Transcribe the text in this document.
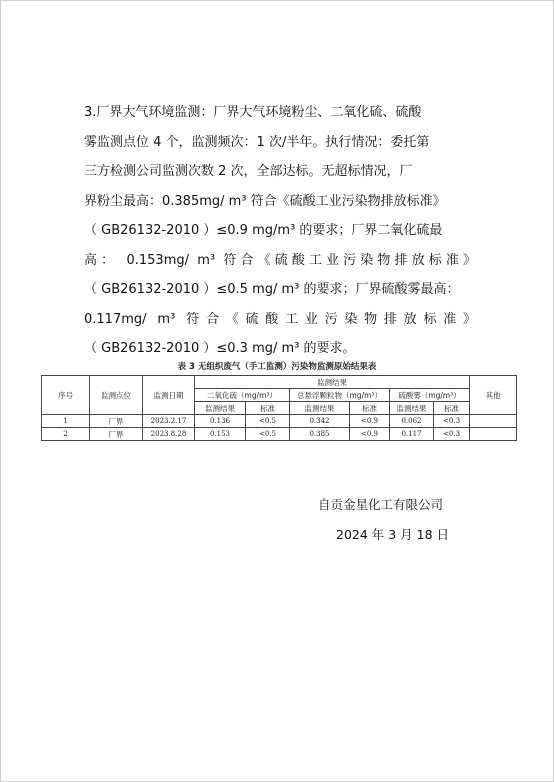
3.厂界大气环境监测：厂界大气环境粉尘、二氧化硫、硫酸
雾监测点位 4 个，监测频次：1 次/半年。执行情况：委托第
三方检测公司监测次数 2 次，全部达标。无超标情况，厂
界粉尘最高：0.385mg/ m³ 符合《硫酸工业污染物排放标准》
（ GB26132-2010 ）≤0.9 mg/m³ 的要求；厂界二氧化硫最
高： 0.153mg/ m³ 符合《硫酸工业污染物排放标准》
（ GB26132-2010 ）≤0.5 mg/ m³ 的要求；厂界硫酸雾最高：
0.117mg/ m³ 符合《硫酸工业污染物排放标准》
（ GB26132-2010 ）≤0.3 mg/ m³ 的要求。
表 3 无组织废气（手工监测）污染物监测原始结果表
序号	监测点位	监测日期	监测结果						其他
			二氧化硫（mg/m³）		总悬浮颗粒物（mg/m³）		硫酸雾（mg/m³）		
			监测结果	标准	监测结果	标准	监测结果	标准	
1	厂界	2023.2.17	0.136	<0.5	0.342	<0.9	0.062	<0.3	
2	厂界	2023.8.28	0.153	<0.5	0.385	<0.9	0.117	<0.3	
自贡金星化工有限公司
2024 年 3 月 18 日
